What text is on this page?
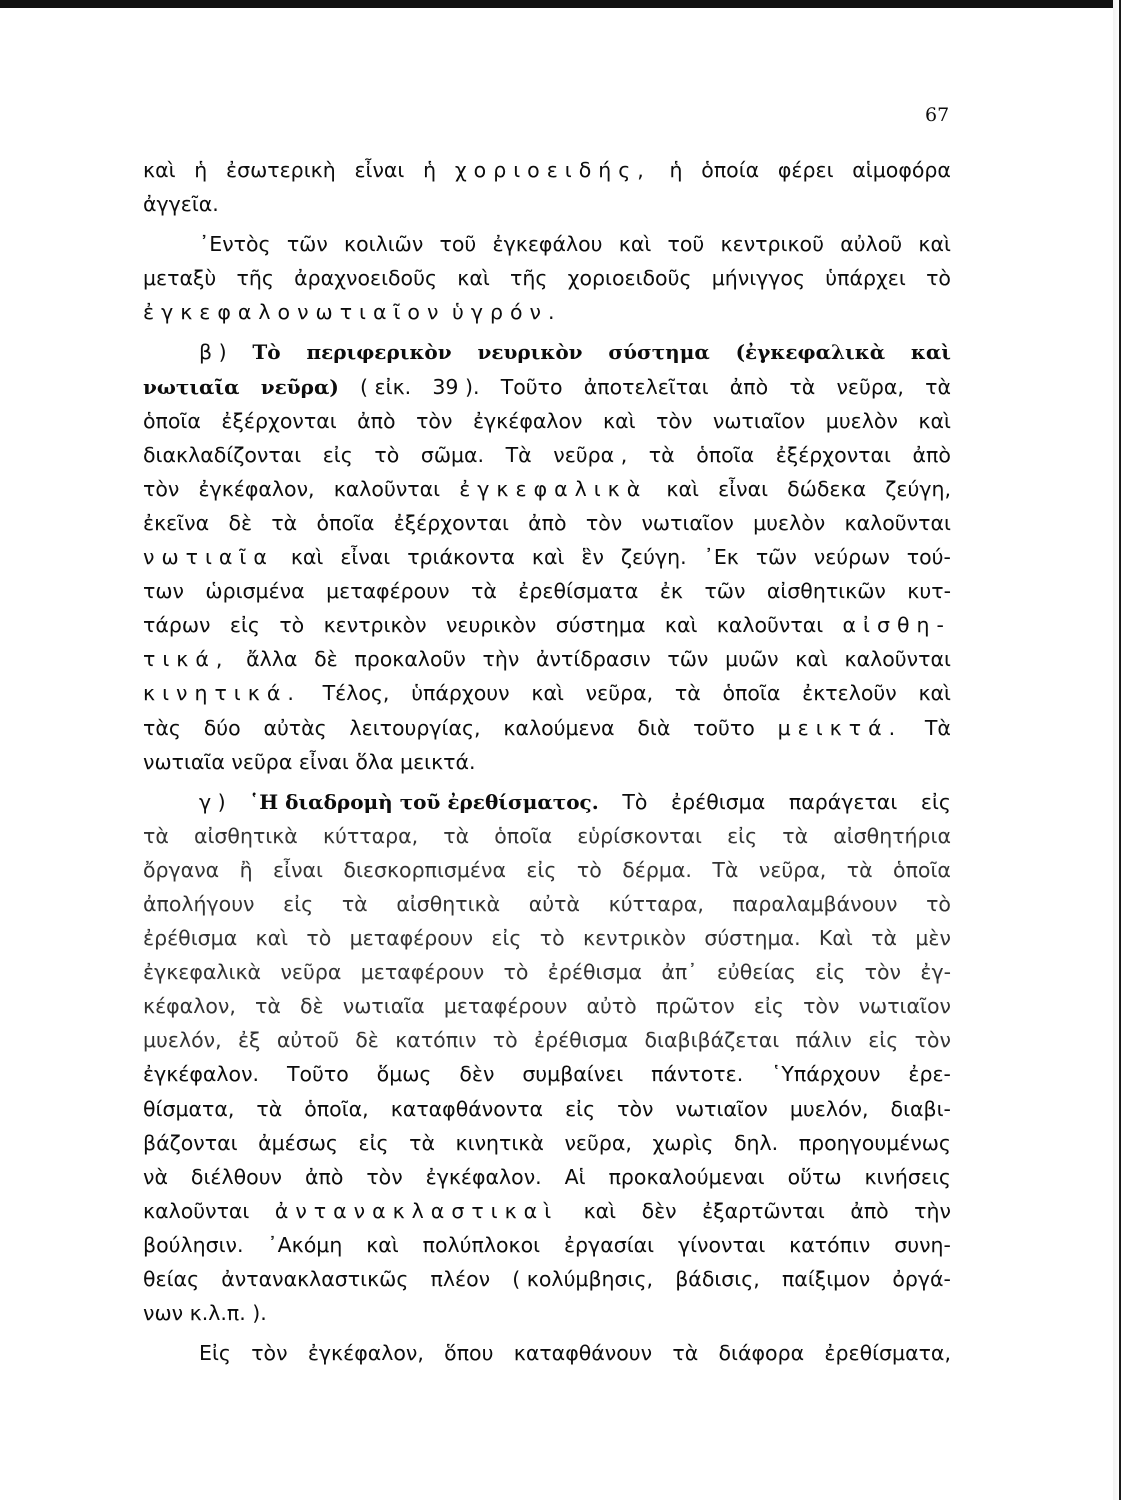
67
καὶ ἡ ἐσωτερικὴ εἶναι ἡ χοριοειδής, ἡ ὁποία φέρει αἱμοφόρα
ἀγγεῖα.
᾽Εντὸς τῶν κοιλιῶν τοῦ ἐγκεφάλου καὶ τοῦ κεντρικοῦ αὐλοῦ καὶ
μεταξὺ τῆς ἀραχνοειδοῦς καὶ τῆς χοριοειδοῦς μήνιγγος ὑπάρχει τὸ
ἐγκεφαλονωτιαῖον
ὑγρόν.
β ) Τὸ περιφερικὸν νευρικὸν σύστημα (ἐγκεφαλικὰ καὶ
νωτιαῖα νεῦρα) ( εἰκ. 39 ). Τοῦτο ἀποτελεῖται ἀπὸ τὰ νεῦρα, τὰ
ὁποῖα ἐξέρχονται ἀπὸ τὸν ἐγκέφαλον καὶ τὸν νωτιαῖον μυελὸν καὶ
διακλαδίζονται εἰς τὸ σῶμα. Τὰ νεῦρα , τὰ ὁποῖα ἐξέρχονται ἀπὸ
τὸν ἐγκέφαλον, καλοῦνται ἐγκεφαλικὰ καὶ εἶναι δώδεκα ζεύγη,
ἐκεῖνα δὲ τὰ ὁποῖα ἐξέρχονται ἀπὸ τὸν νωτιαῖον μυελὸν καλοῦνται
νωτιαῖα καὶ εἶναι τριάκοντα καὶ ἓν ζεύγη. ᾽Εκ τῶν νεύρων τού-
των ὡρισμένα μεταφέρουν τὰ ἐρεθίσματα ἐκ τῶν αἰσθητικῶν κυτ-
τάρων εἰς τὸ κεντρικὸν νευρικὸν σύστημα καὶ καλοῦνται αἰσθη-
τικά, ἄλλα δὲ προκαλοῦν τὴν ἀντίδρασιν τῶν μυῶν καὶ καλοῦνται
κινητικά. Τέλος, ὑπάρχουν καὶ νεῦρα, τὰ ὁποῖα ἐκτελοῦν καὶ
τὰς δύο αὐτὰς λειτουργίας, καλούμενα διὰ τοῦτο μεικτά. Τὰ
νωτιαῖα
νεῦρα
εἶναι
ὅλα
μεικτά.
γ ) ῾Η διαδρομὴ τοῦ ἐρεθίσματος. Τὸ ἐρέθισμα παράγεται εἰς
τὰ αἰσθητικὰ κύτταρα, τὰ ὁποῖα εὑρίσκονται εἰς τὰ αἰσθητήρια
ὄργανα ἢ εἶναι διεσκορπισμένα εἰς τὸ δέρμα. Τὰ νεῦρα, τὰ ὁποῖα
ἀπολήγουν εἰς τὰ αἰσθητικὰ αὐτὰ κύτταρα, παραλαμβάνουν τὸ
ἐρέθισμα καὶ τὸ μεταφέρουν εἰς τὸ κεντρικὸν σύστημα. Καὶ τὰ μὲν
ἐγκεφαλικὰ νεῦρα μεταφέρουν τὸ ἐρέθισμα ἀπ᾽ εὐθείας εἰς τὸν ἐγ-
κέφαλον, τὰ δὲ νωτιαῖα μεταφέρουν αὐτὸ πρῶτον εἰς τὸν νωτιαῖον
μυελόν, ἐξ αὐτοῦ δὲ κατόπιν τὸ ἐρέθισμα διαβιβάζεται πάλιν εἰς τὸν
ἐγκέφαλον. Τοῦτο ὅμως δὲν συμβαίνει πάντοτε. ῾Υπάρχουν ἐρε-
θίσματα, τὰ ὁποῖα, καταφθάνοντα εἰς τὸν νωτιαῖον μυελόν, διαβι-
βάζονται ἀμέσως εἰς τὰ κινητικὰ νεῦρα, χωρὶς δηλ. προηγουμένως
νὰ διέλθουν ἀπὸ τὸν ἐγκέφαλον. Αἱ προκαλούμεναι οὕτω κινήσεις
καλοῦνται ἀντανακλαστικαὶ καὶ δὲν ἐξαρτῶνται ἀπὸ τὴν
βούλησιν. ᾽Ακόμη καὶ πολύπλοκοι ἐργασίαι γίνονται κατόπιν συνη-
θείας ἀντανακλαστικῶς πλέον ( κολύμβησις, βάδισις, παίξιμον ὀργά-
νων
κ.λ.π.
).
Εἰς τὸν ἐγκέφαλον, ὅπου καταφθάνουν τὰ διάφορα ἐρεθίσματα,
